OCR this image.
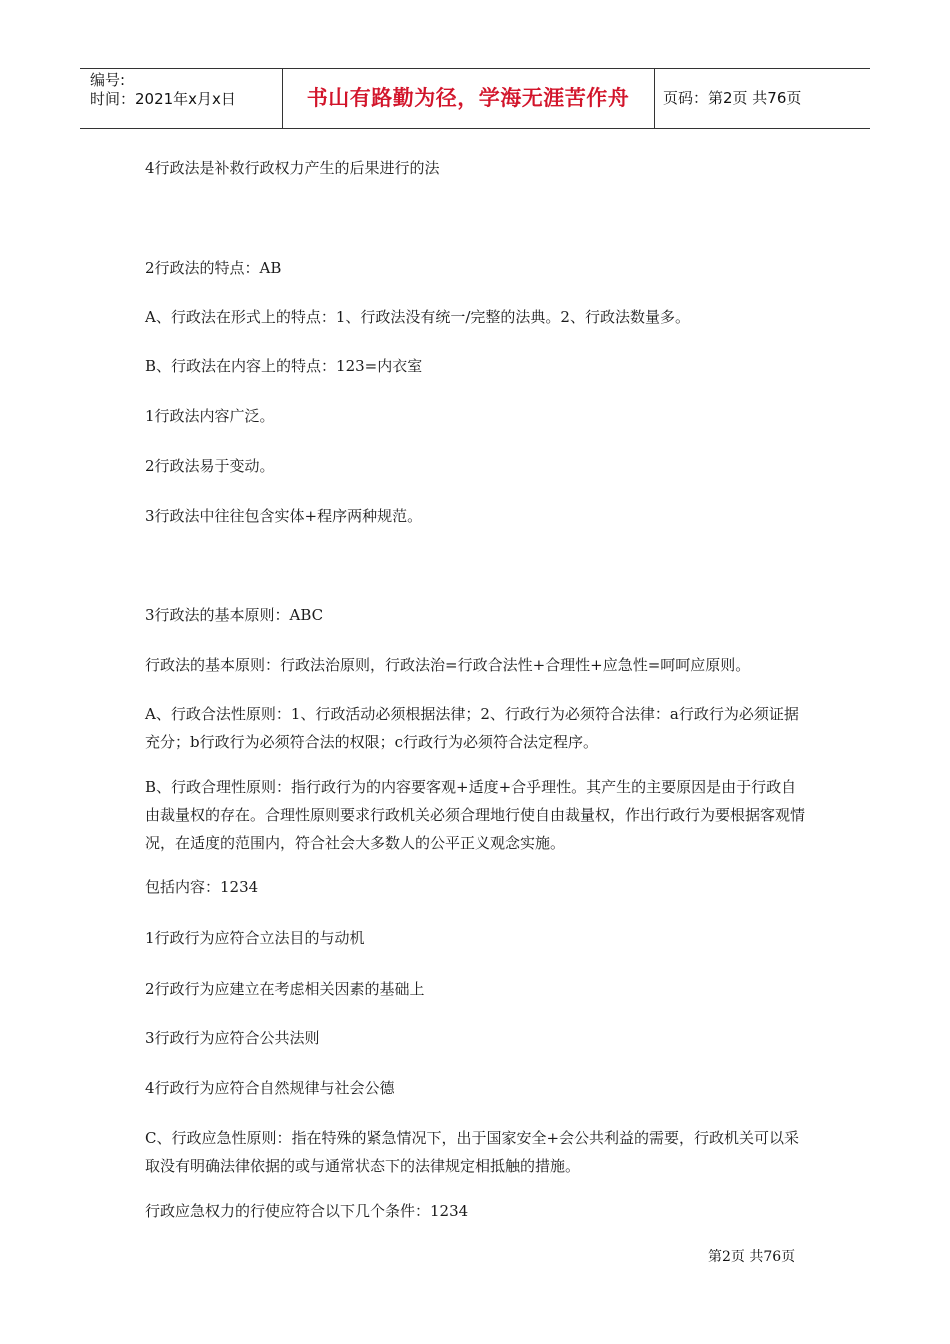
编号:
时间：2021年x月x日	书山有路勤为径，学海无涯苦作舟	页码：第2页 共76页

4行政法是补救行政权力产生的后果进行的法

2行政法的特点：AB

A、行政法在形式上的特点：1、行政法没有统一/完整的法典。2、行政法数量多。

B、行政法在内容上的特点：123=内衣室

1行政法内容广泛。

2行政法易于变动。

3行政法中往往包含实体+程序两种规范。

3行政法的基本原则：ABC

行政法的基本原则：行政法治原则，行政法治=行政合法性+合理性+应急性=呵呵应原则。

A、行政合法性原则：1、行政活动必须根据法律；2、行政行为必须符合法律：a行政行为必须证据充分；b行政行为必须符合法的权限；c行政行为必须符合法定程序。

B、行政合理性原则：指行政行为的内容要客观+适度+合乎理性。其产生的主要原因是由于行政自由裁量权的存在。合理性原则要求行政机关必须合理地行使自由裁量权，作出行政行为要根据客观情况，在适度的范围内，符合社会大多数人的公平正义观念实施。

包括内容：1234

1行政行为应符合立法目的与动机

2行政行为应建立在考虑相关因素的基础上

3行政行为应符合公共法则

4行政行为应符合自然规律与社会公德

C、行政应急性原则：指在特殊的紧急情况下，出于国家安全+会公共利益的需要，行政机关可以采取没有明确法律依据的或与通常状态下的法律规定相抵触的措施。

行政应急权力的行使应符合以下几个条件：1234

第2页 共76页
